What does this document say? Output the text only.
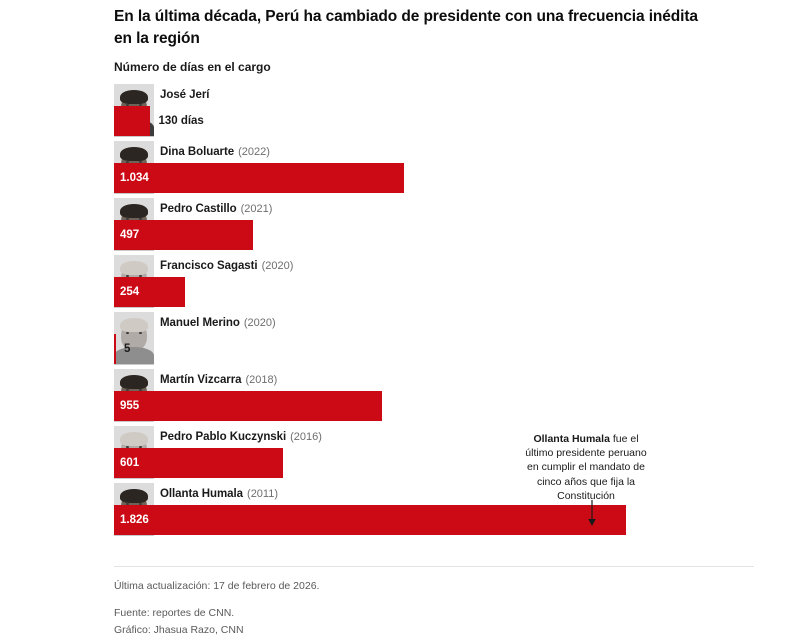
En la última década, Perú ha cambiado de presidente con una frecuencia inédita en la región
Número de días en el cargo
José Jerí
130 días
Dina Boluarte (2022)
1.034
Pedro Castillo (2021)
497
Francisco Sagasti (2020)
254
Manuel Merino (2020)
5
Martín Vizcarra (2018)
955
Pedro Pablo Kuczynski (2016)
601
Ollanta Humala (2011)
1.826
Ollanta Humala fue el último presidente peruano en cumplir el mandato de cinco años que fija la Constitución
Última actualización: 17 de febrero de 2026.
Fuente: reportes de CNN.
Gráfico: Jhasua Razo, CNN
